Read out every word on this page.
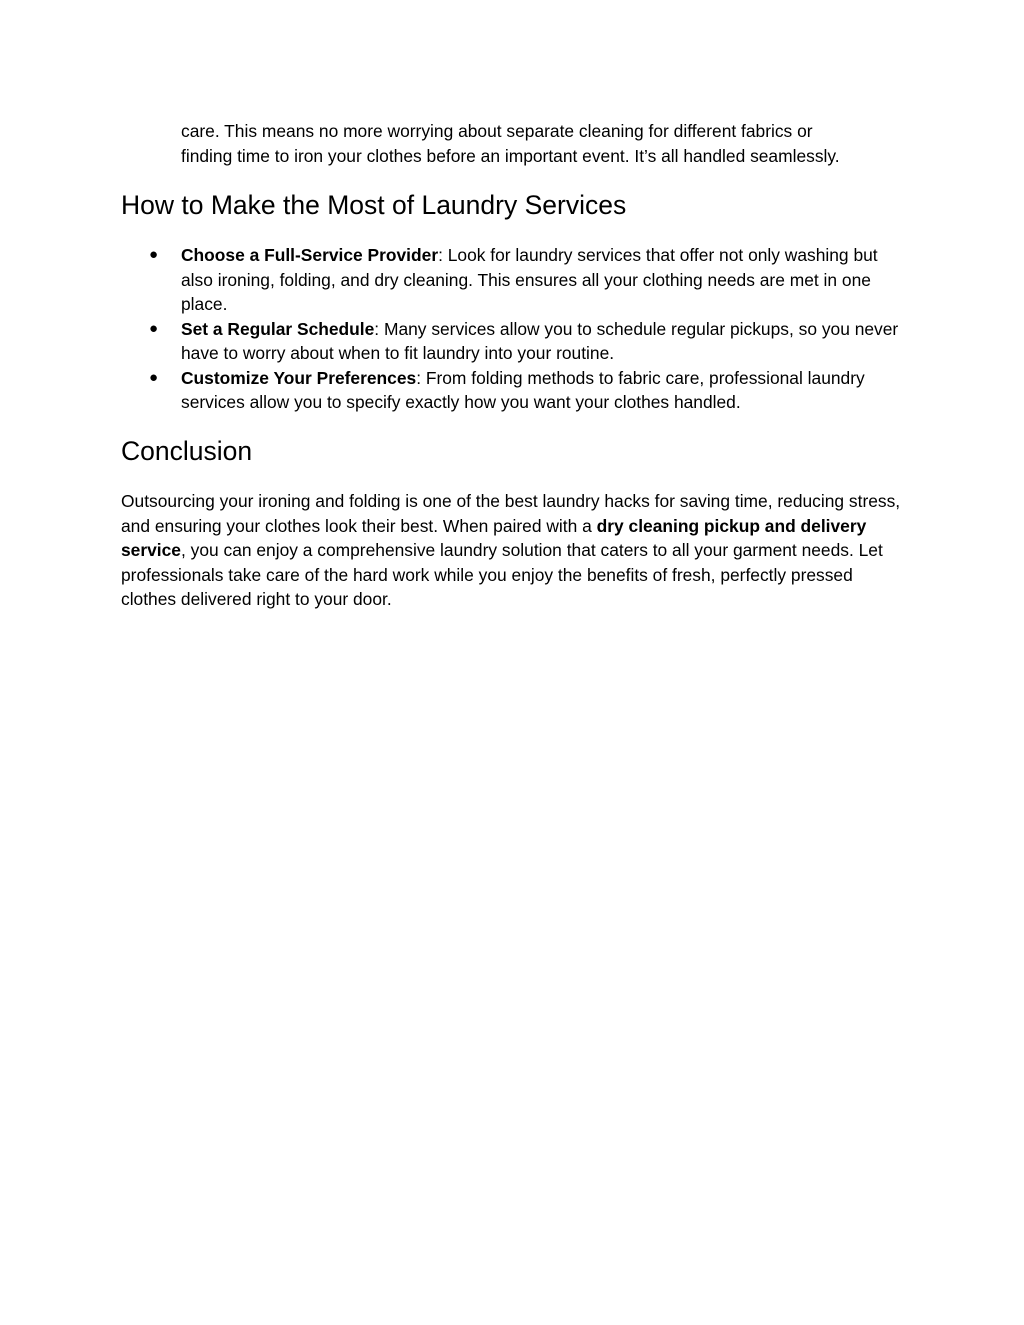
care. This means no more worrying about separate cleaning for different fabrics or
finding time to iron your clothes before an important event. It’s all handled seamlessly.

How to Make the Most of Laundry Services
● Choose a Full-Service Provider: Look for laundry services that offer not only washing but also ironing, folding, and dry cleaning. This ensures all your clothing needs are met in one place.
● Set a Regular Schedule: Many services allow you to schedule regular pickups, so you never have to worry about when to fit laundry into your routine.
● Customize Your Preferences: From folding methods to fabric care, professional laundry services allow you to specify exactly how you want your clothes handled.
Conclusion

Outsourcing your ironing and folding is one of the best laundry hacks for saving time, reducing stress, and ensuring your clothes look their best. When paired with a dry cleaning pickup and delivery service, you can enjoy a comprehensive laundry solution that caters to all your garment needs. Let professionals take care of the hard work while you enjoy the benefits of fresh, perfectly pressed clothes delivered right to your door.
